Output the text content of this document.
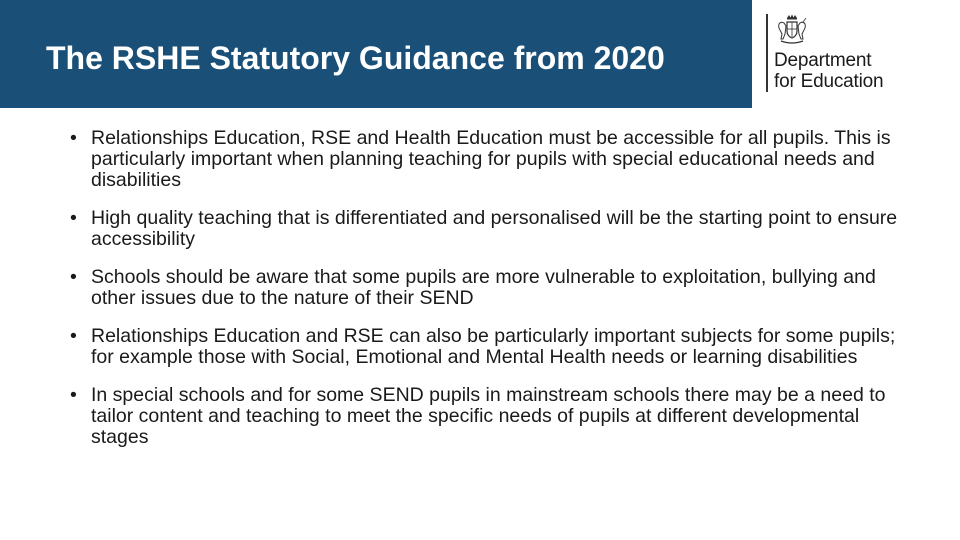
The RSHE Statutory Guidance from 2020	Department
for Education
• Relationships Education, RSE and Health Education must be accessible for all pupils. This is particularly important when planning teaching for pupils with special educational needs and disabilities
• High quality teaching that is differentiated and personalised will be the starting point to ensure accessibility
• Schools should be aware that some pupils are more vulnerable to exploitation, bullying and other issues due to the nature of their SEND
• Relationships Education and RSE can also be particularly important subjects for some pupils; for example those with Social, Emotional and Mental Health needs or learning disabilities
• In special schools and for some SEND pupils in mainstream schools there may be a need to tailor content and teaching to meet the specific needs of pupils at different developmental stages
